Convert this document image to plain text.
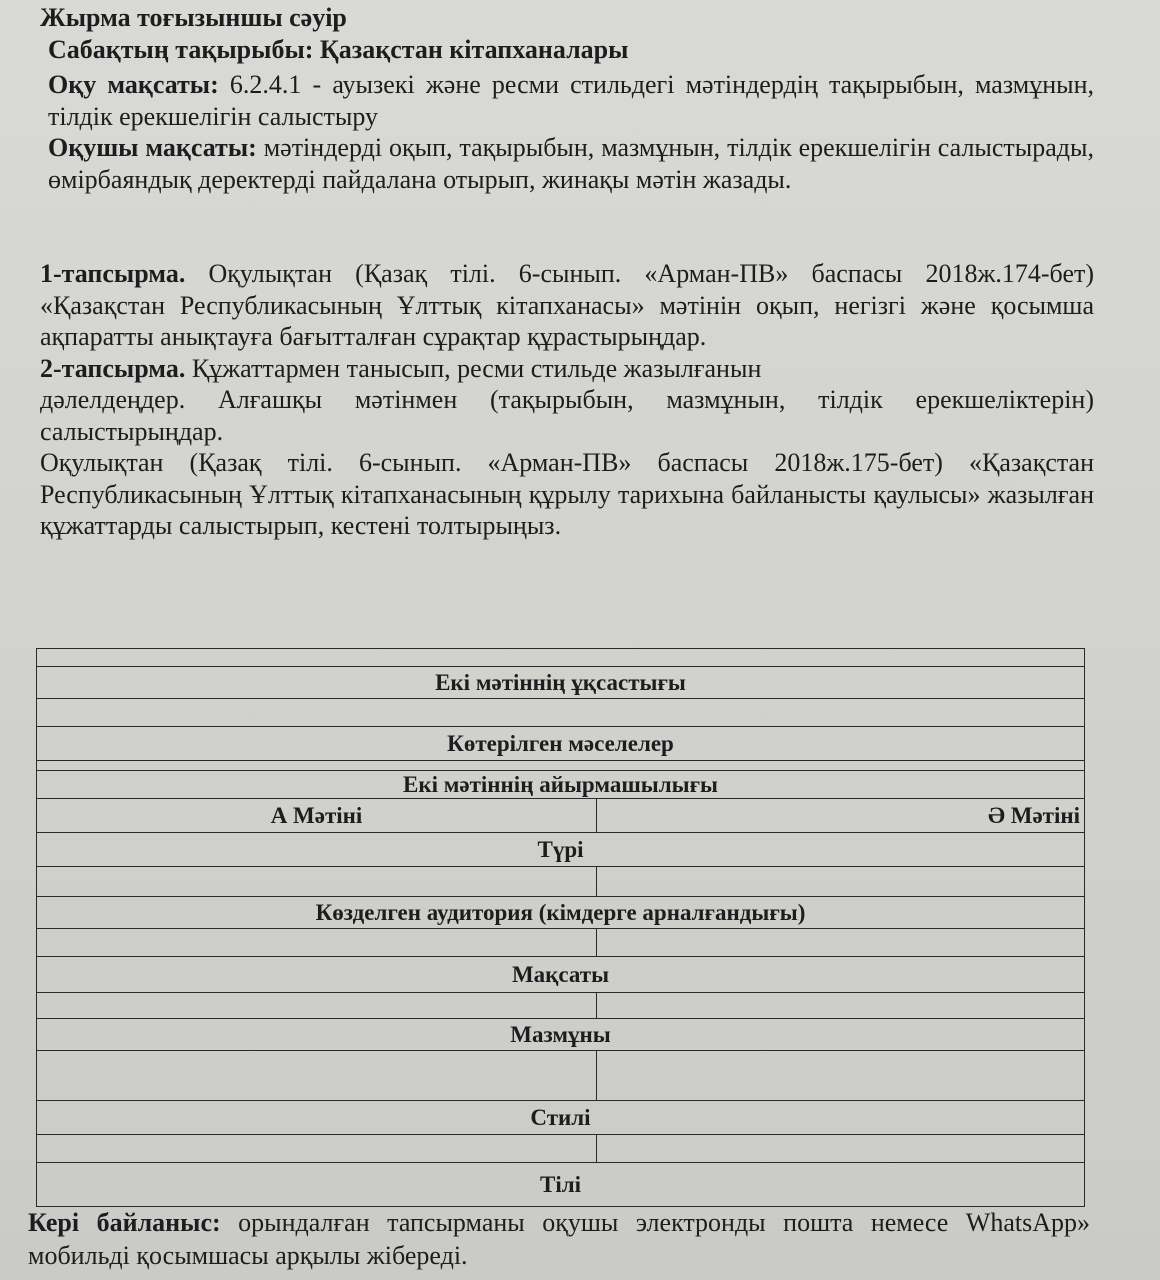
Жырма тоғызыншы сәуір

Сабақтың тақырыбы: Қазақстан кітапханалары

Оқу мақсаты: 6.2.4.1 - ауызекі және ресми стильдегі мәтіндердің тақырыбын, мазмұнын, тілдік ерекшелігін салыстыру

Оқушы мақсаты: мәтіндерді оқып, тақырыбын, мазмұнын, тілдік ерекшелігін салыстырады, өмірбаяндық деректерді пайдалана отырып, жинақы мәтін жазады.

1-тапсырма. Оқулықтан (Қазақ тілі. 6-сынып. «Арман-ПВ» баспасы 2018ж.174-бет) «Қазақстан Республикасының Ұлттық кітапханасы» мәтінін оқып, негізгі және қосымша ақпаратты анықтауға бағытталған сұрақтар құрастырыңдар.

2-тапсырма. Құжаттармен танысып, ресми стильде жазылғанын

дәлелдеңдер. Алғашқы мәтінмен (тақырыбын, мазмұнын, тілдік ерекшеліктерін) салыстырыңдар.

Оқулықтан (Қазақ тілі. 6-сынып. «Арман-ПВ» баспасы 2018ж.175-бет) «Қазақстан Республикасының Ұлттық кітапханасының құрылу тарихына байланысты қаулысы» жазылған құжаттарды салыстырып, кестені толтырыңыз.

Екі мәтіннің ұқсастығы	

Көтерілген мәселелер	

Екі мәтіннің айырмашылығы	
А Мәтіні	Ә Мәтіні
Түрі	

Көзделген аудитория (кімдерге арналғандығы)	

Мақсаты	

Мазмұны	

Стилі	

Тілі	

Кері байланыс: орындалған тапсырманы оқушы электронды пошта немесе WhatsApp» мобильді қосымшасы арқылы жібереді.
